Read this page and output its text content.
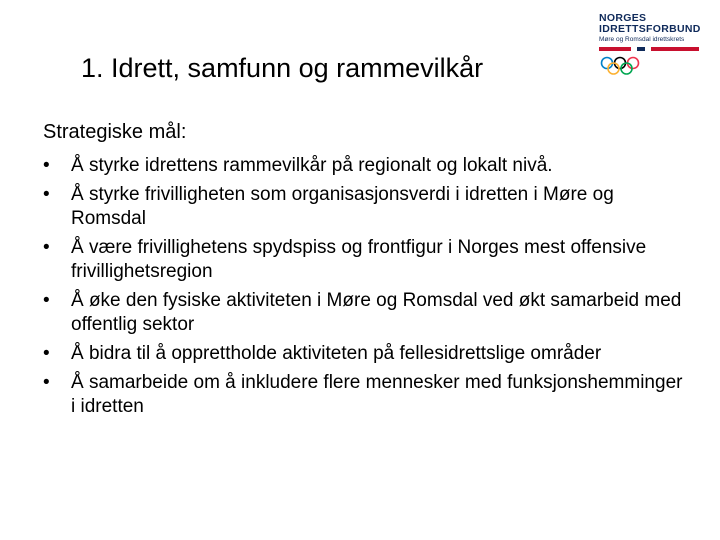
1. Idrett, samfunn og rammevilkår
NORGES
IDRETTSFORBUND
Møre og Romsdal idrettskrets
Strategiske mål:
•	Å styrke idrettens rammevilkår på regionalt og lokalt nivå.
•	Å styrke frivilligheten som organisasjonsverdi i idretten i Møre og Romsdal
•	Å være frivillighetens spydspiss og frontfigur i Norges mest offensive frivillighetsregion
•	Å øke den fysiske aktiviteten i Møre og Romsdal ved økt samarbeid med offentlig sektor
•	Å bidra til å opprettholde aktiviteten på fellesidrettslige områder
•	Å samarbeide om å inkludere flere mennesker med funksjonshemminger i idretten
